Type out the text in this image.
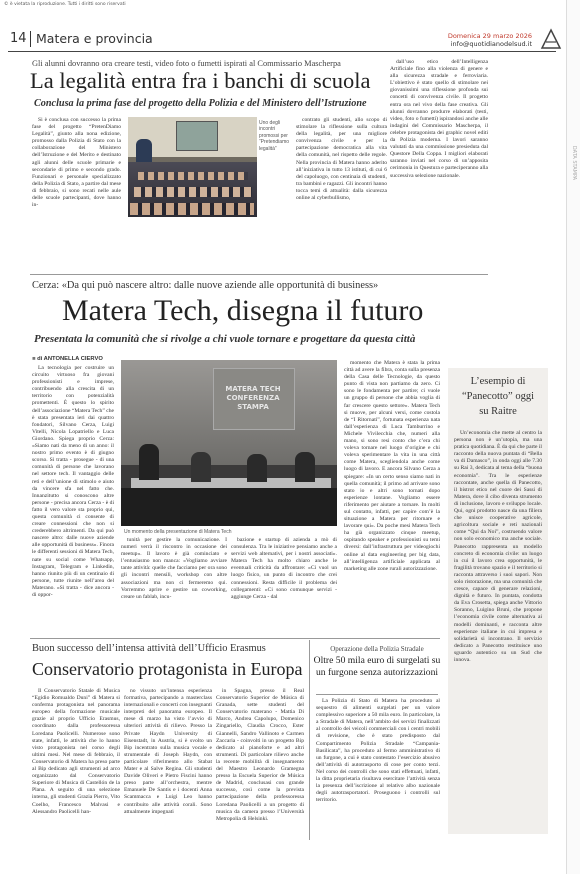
© è vietata la riproduzione. Tutti i diritti sono riservati
14 Matera e provincia	Domenica 29 marzo 2026
info@quotidianodelsud.it
Gli alunni dovranno ora creare testi, video foto o fumetti ispirati al Commissario Mascherpa
La legalità entra fra i banchi di scuola
Conclusa la prima fase del progetto della Polizia e del Ministero dell’Istruzione

Si è conclusa con successo la prima fase del progetto “PretenDiamo Legalità”, giunto alla nona edizione, promosso dalla Polizia di Stato con la collaborazione del Ministero dell’Istruzione e del Merito e destinato agli alunni delle scuole primarie e secondarie di primo e secondo grado. Funzionari e personale specializzato della Polizia di Stato, a partire dal mese di febbraio, si sono recati nelle aule delle scuole partecipanti, dove hanno in-

Uno degli incontri promossi per “Pretendiamo legalità”

contrato gli studenti, allo scopo di stimolare la riflessione sulla cultura della legalità, per una migliore convivenza civile e per la partecipazione democratica alla vita della comunità, nel rispetto delle regole. Nella provincia di Matera hanno aderito all’iniziativa in tutto 13 istituti, di cui 6 del capoluogo, con centinaia di studenti, tra bambini e ragazzi. Gli incontri hanno tocca temi di attualità: dalla sicurezza online al cyberbullismo,

dall’uso etico dell’Intelligenza Artificiale fino alla violenza di genere e alla sicurezza stradale e ferroviaria. L’obiettivo è stato quello di stimolare nei giovanissimi una riflessione profonda sui concetti di convivenza civile. Il progetto entra ora nel vivo della fase creativa. Gli alunni dovranno produrre elaborati (testi, video, foto o fumetti) ispirandosi anche alle indagini del Commissario Mascherpa, il celebre protagonista dei graphic novel editi da Polizia moderna. I lavori saranno valutati da una commissione presieduta dal Questore Della Coppa. I migliori elaborati saranno inviati nel corso di un’apposita cerimonia in Questura e parteciperanno alla successiva selezione nazionale.

Cerza: «Da qui può nascere altro: dalle nuove aziende alle opportunità di business»
Matera Tech, disegna il futuro
Presentata la comunità che si rivolge a chi vuole tornare e progettare da questa città
■ di ANTONELLA CIERVO

La tecnologia per costruire un circuito virtuoso fra giovani professionisti e imprese, contribuendo alla crescita di un territorio con potenzialità promettenti. È questo lo spirito dell’associazione “Matera Tech” che è stata presentata ieri dai quattro fondatori, Silvano Cerza, Luigi Vitelli, Nicola Lopatriello e Luca Giordano. Spiega proprio Cerza: «Siamo nati da meno di un anno: il nostro primo evento è di giugno scorso. Si tratta - prosegue - di una comunità di persone che lavorano nel settore tech. Il vantaggio delle reti e dell’unione di stimolo e aiuto da vincere sfa nel fatto che. Innanzitutto si conoscono altre persone - precisa ancora Cerza - è di fatto il vero valore sta proprio qui, questa comunità ci consente di creare connessioni che non si crederebbero altrimenti. Da qui può nascere altro: dalle nuove aziende alle opportunità di business». Finora le differenti sessioni di Matera Tech, nate su social come Whatsapp, Instagram, Telegram e Linkedin, hanno riunito più di un centinaio di persone, tutte riunite nell’area del Materano. «Si tratta - dice ancora - di oppor-

MATERA TECH
CONFERENZA STAMPA
Un momento della presentazione di Matera Tech

tunità per gestire la comunicazione. I numeri verrà il riscontro in occasione dei meetup». Il lavoro è già cominciato e l’entusiasmo non manca: «Vogliamo avviare tante attività: quelle che facciamo per ora sono gli incontri mensili, workshop con altre associazioni ma non ci fermeremo qui. Vorremmo aprire e gestire un coworking, creare un fablab, incu-

bazione e startup di azienda a mò di consulenza. Tra le iniziative pensiamo anche a servizi web alternativi, per i nostri associati». Matera Tech ha molto chiaro anche le eventuali criticità da affrontare: «Ci vuol un luogo fisico, un punto di incontro che crei connessioni. Resta difficile il problema dei collegamenti: «Ci sono comunque servizi - aggiunge Cerza - dal

momento che Matera è stata la prima città ad avere la fibra, conta sulla presenza della Casa delle Tecnologie, da questo punto di vista non partiamo da zero. Ci sono le fondamenta per partire; ci vuole un gruppo di persone che abbia voglia di far crescere questo settore». Matera Tech si muove, per alcuni versi, come costola de “I Ritornati”, fortunata esperienza nata dall’esperienza di Luca Tamburrino e Michele Vivilecchia che, numeri alla mano, si sono resi conto che c’era chi voleva tornare nel luogo d’origine e chi voleva sperimentare la vita in una città come Matera, scegliendola anche come luogo di lavoro. E ancora Silvano Cerza a spiegare: «In un certo senso siamo nati in quella comunità; il primo ad arrivare sono stato io e altri sono tornati dopo esperienze lontane. Vogliamo essere riferimento per aiutare a tornare. In molti sul contatto, infatti, per capire com’è la situazione a Matera per ritornare e lavorare qui». Da poche mesi Matera Tech ha già organizzato cinque meetup, ospitando speaker e professionisti su temi diversi: dall’infrastruttura per videogiochi online al data engineering per big data, all’intelligenza artificiale applicata al marketing alle zone rurali autorizzazione.

L’esempio di “Panecotto” oggi su Raitre

Un’economia che mette al centro la persona non è un’utopia, ma una pratica quotidiana. È da qui che parte il racconto della nuova puntata di “Bella va di Damasco”, in onda oggi alle 7.30 su Rai 3, dedicata al tema della “buona economia”. Tra le esperienze raccontate, anche quella di Panecotto, il bistrot etico nel cuore dei Sassi di Matera, dove il cibo diventa strumento di inclusione, lavoro e sviluppo locale. Qui, ogni prodotto nasce da una filiera che unisce cooperative agricole, agricoltura sociale e reti nazionali come “Qui da Noi”, costruendo valore non solo economico ma anche sociale. Panecotto rappresenta un modello concreto di economia civile: un luogo in cui il lavoro crea opportunità, le fragilità trovano spazio e il territorio si racconta attraverso i suoi sapori. Non solo ristorazione, ma una comunità che cresce, capace di generare relazioni, dignità e futuro. In puntata, condotta da Eva Crosetta, spiega anche Vittorio Soranno, Luigino Bruni, che propone l’economia civile come alternativa ai modelli dominanti, e racconta altre esperienze italiane in cui impresa e solidarietà si incontrano. Il servizio dedicato a Panecotto restituisce uno sguardo autentico su un Sud che innova.

Buon successo dell’intensa attività dell’Ufficio Erasmus
Conservatorio protagonista in Europa

Il Conservatorio Statale di Musica “Egidio Romualdo Duni” di Matera si conferma protagonista nel panorama europeo della formazione musicale grazie al proprio Ufficio Erasmus, coordinato dalla professoressa Loredana Paolicelli. Numerose sono state, infatti, le attività che lo hanno visto protagonista nel corso degli ultimi mesi. Nel mese di febbraio, il Conservatorio di Matera ha preso parte al Bip dedicato agli strumenti ad arco organizzato dal Conservatorio Superiore di Musica di Castellón de la Plana. A seguito di una selezione interna, gli studenti Grazia Pierro, Vito Coelho, Francesco Malvasi e Alessandro Paolicelli han-

no vissuto un’intensa esperienza formativa, partecipando a masterclass internazionali e concerti con insegnanti interpreti del panorama europeo. Il mese di marzo ha visto l’avvio di ulteriori attività di rilievo. Presso la Private Haydn University di Eisenstadt, in Austria, si è svolto un Bip incentrato sulla musica vocale e strumentale di Joseph Haydn, con particolare riferimento allo Stabat Mater e al Salve Regina. Gli studenti Davide Oliveri e Pietro Fiscini hanno preso parte all’orchestra, mentre Emanuele De Santis e i docenti Anna Scammacca e Luigi Leo hanno contribuito alle attività corali. Sono attualmente impegnati

in Spagna, presso il Real Conservatorio Superior de Música di Granada, sette studenti del Conservatorio materano - Mattia Di Marco, Andrea Capolupo, Domenico Zingariello, Claudia Crocco, Ester Giannelli, Sandro Vallinoto e Carmen Zaccaria - coinvolti in un progetto Bip dedicato al pianoforte e ad altri strumenti. Di particolare rilievo anche la recente mobilità di insegnamento del Maestro Leonardo Gramegna presso la Escuela Superior de Música de Madrid, conclusasi con grande successo, così come la prevista partecipazione della professoressa Loredana Paolicelli a un progetto di musica da camera presso l’Università Metropolia di Helsinki.

Operazione della Polizia Stradale
Oltre 50 mila euro di surgelati su un furgone senza autorizzazioni

La Polizia di Stato di Matera ha proceduto al sequestro di alimenti surgelati per un valore complessivo superiore a 50 mila euro. In particolare, la a Stradale di Matera, nell’ambito dei servizi finalizzati al controllo dei veicoli commerciali con i centri mobili di revisione, che è stato predisposto dal Compartimento Polizia Stradale “Campania-Basilicata”, ha proceduto al fermo amministrativo di un furgone, a cui è stato contestato l’esercizio abusivo dell’attività di autotrasporto di cose per conto terzi. Nel corso dei controlli che sono stati effettuati, infatti, la ditta proprietaria risultava esercitare l’attività senza la presenza dell’iscrizione al relativo albo nazionale degli autotrasportatori. Proseguono i controlli sul territorio.

DATA STAMPA
